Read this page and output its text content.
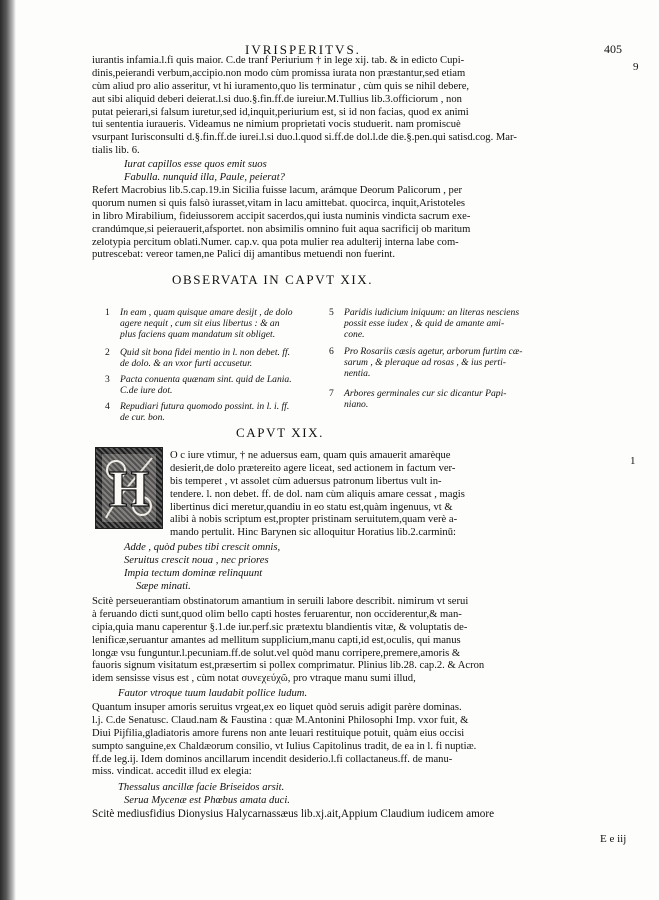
IVRISPERITVS.	405
9
iurantis infamia.l.fi quis maior. C.de tranf Periurium † in lege xij. tab. & in edicto Cupi-
dinis,peierandi verbum,accipio.non modo cùm promissa iurata non præstantur,sed etiam
cùm aliud pro alio asseritur, vt hi iuramento,quo lis terminatur , cùm quis se nihil debere,
aut sibi aliquid deberi deierat.l.si duo.§.fin.ff.de iureiur.M.Tullius lib.3.officiorum , non
putat peierari,si falsum iuretur,sed id,inquit,periurium est, si id non facias, quod ex animi
tui sententia iuraueris. Videamus ne nimium proprietati vocis studuerit. nam promiscuè
vsurpant Iurisconsulti d.§.fin.ff.de iurei.l.si duo.l.quod si.ff.de dol.l.de die.§.pen.qui satisd.cog. Mar-
tialis lib. 6.
Iurat capillos esse quos emit suos
Fabulla. nunquid illa, Paule, peierat?
Refert Macrobius lib.5.cap.19.in Sicilia fuisse lacum, arámque Deorum Palicorum , per
quorum numen si quis falsò iurasset,vitam in lacu amittebat. quocirca, inquit,Aristoteles
in libro Mirabilium, fideiussorem accipit sacerdos,qui iusta numinis vindicta sacrum exe-
crandúmque,si peierauerit,afsportet. non absimilis omnino fuit aqua sacrificij ob maritum
zelotypia percitum oblati.Numer. cap.v. qua pota mulier rea adulterij interna labe com-
putrescebat: vereor tamen,ne Palici dij amantibus metuendi non fuerint.
OBSERVATA IN CAPVT XIX.
1 In eam , quam quisque amare desijt , de dolo
agere nequit , cum sit eius libertus : & an
plus faciens quam mandatum sit obliget.
2 Quid sit bona fidei mentio in l. non debet. ff.
de dolo. & an vxor furti accusetur.
3 Pacta conuenta quænam sint. quid de Lania.
C.de iure dot.
4 Repudiari futura quomodo possint. in l. i. ff.
de cur. bon.
5 Paridis iudicium iniquum: an literas nesciens
possit esse iudex , & quid de amante ami-
cone.
6 Pro Rosariis cæsis agetur, arborum furtim cæ-
sarum , & pleraque ad rosas , & ius perti-
nentia.
7 Arbores germinales cur sic dicantur Papi-
niano.
CAPVT XIX.
H
O c iure vtimur, † ne aduersus eam, quam quis amauerit amarèque
desierit,de dolo prætereito agere liceat, sed actionem in factum ver-
bis temperet , vt assolet cùm aduersus patronum libertus vult in-
tendere. l. non debet. ff. de dol. nam cùm aliquis amare cessat , magis
libertinus dici meretur,quandiu in eo statu est,quàm ingenuus, vt &
alibi à nobis scriptum est,propter pristinam seruitutem,quam verè a-
mando pertulit. Hinc Barynen sic alloquitur Horatius lib.2.carminū:
1
Adde , quòd pubes tibi crescit omnis,
Seruitus crescit noua , nec priores
Impia tectum dominæ relinquunt
Sæpe minati.
Scitè perseuerantiam obstinatorum amantium in seruili labore describit. nimirum vt serui
à feruando dicti sunt,quod olim bello capti hostes feruarentur, non occiderentur,& man-
cipia,quia manu caperentur §.1.de iur.perf.sic prætextu blandientis vitæ, & voluptatis de-
lenificæ,seruantur amantes ad mellitum supplicium,manu capti,id est,oculis, qui manus
longæ vsu funguntur.l.pecuniam.ff.de solut.vel quòd manu corripere,premere,amoris &
fauoris signum visitatum est,præsertim si pollex comprimatur. Plinius lib.28. cap.2. & Acron
idem sensisse visus est , cùm notat συνεχεύχῶ, pro vtraque manu sumi illud,
Fautor vtroque tuum laudabit pollice ludum.
Quantum insuper amoris seruitus vrgeat,ex eo liquet quòd seruis adigit parère dominas.
l.j. C.de Senatusc. Claud.nam & Faustina : quæ M.Antonini Philosophi Imp. vxor fuit, &
Diui Pijfilia,gladiatoris amore furens non ante leuari restituique potuit, quàm eius occisi
sumpto sanguine,ex Chaldæorum consilio, vt Iulius Capitolinus tradit, de ea in l. fi nuptiæ.
ff.de leg.ij. Idem dominos ancillarum incendit desiderio.l.fi collactaneus.ff. de manu-
miss. vindicat. accedit illud ex elegia:
Thessalus ancillæ facie Briseidos arsit.
Serua Mycenæ est Phœbus amata duci.
Scitè mediusfidius Dionysius Halycarnassæus lib.xj.ait,Appium Claudium iudicem amore
E e iij
